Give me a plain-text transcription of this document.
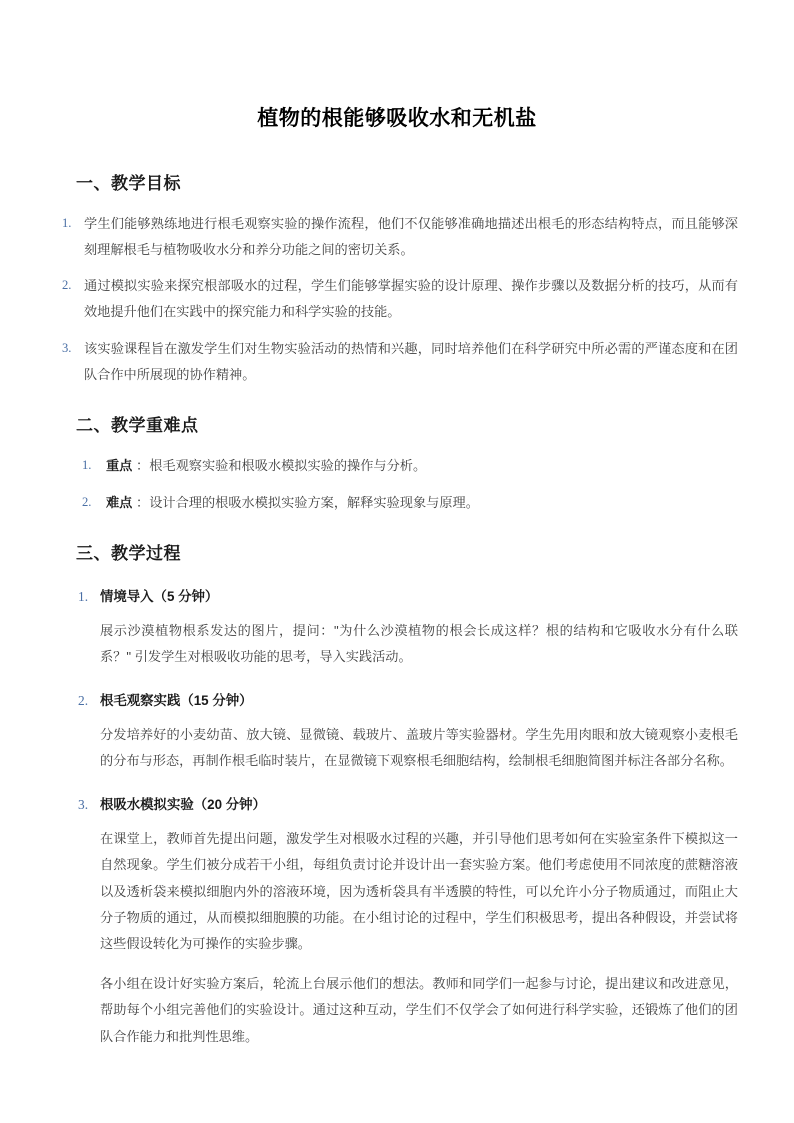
植物的根能够吸收水和无机盐
一、教学目标
1. 学生们能够熟练地进行根毛观察实验的操作流程，他们不仅能够准确地描述出根毛的形态结构特点，而且能够深刻理解根毛与植物吸收水分和养分功能之间的密切关系。
2. 通过模拟实验来探究根部吸水的过程，学生们能够掌握实验的设计原理、操作步骤以及数据分析的技巧，从而有效地提升他们在实践中的探究能力和科学实验的技能。
3. 该实验课程旨在激发学生们对生物实验活动的热情和兴趣，同时培养他们在科学研究中所必需的严谨态度和在团队合作中所展现的协作精神。
二、教学重难点
1. 重点 ：根毛观察实验和根吸水模拟实验的操作与分析。
2. 难点 ：设计合理的根吸水模拟实验方案，解释实验现象与原理。
三、教学过程
1. 情境导入（5 分钟）

展示沙漠植物根系发达的图片，提问："为什么沙漠植物的根会长成这样？根的结构和它吸收水分有什么联系？" 引发学生对根吸收功能的思考，导入实践活动。

2. 根毛观察实践（15 分钟）

分发培养好的小麦幼苗、放大镜、显微镜、载玻片、盖玻片等实验器材。学生先用肉眼和放大镜观察小麦根毛的分布与形态，再制作根毛临时装片，在显微镜下观察根毛细胞结构，绘制根毛细胞简图并标注各部分名称。

3. 根吸水模拟实验（20 分钟）

在课堂上，教师首先提出问题，激发学生对根吸水过程的兴趣，并引导他们思考如何在实验室条件下模拟这一自然现象。学生们被分成若干小组，每组负责讨论并设计出一套实验方案。他们考虑使用不同浓度的蔗糖溶液以及透析袋来模拟细胞内外的溶液环境，因为透析袋具有半透膜的特性，可以允许小分子物质通过，而阻止大分子物质的通过，从而模拟细胞膜的功能。在小组讨论的过程中，学生们积极思考，提出各种假设，并尝试将这些假设转化为可操作的实验步骤。

各小组在设计好实验方案后，轮流上台展示他们的想法。教师和同学们一起参与讨论，提出建议和改进意见，帮助每个小组完善他们的实验设计。通过这种互动，学生们不仅学会了如何进行科学实验，还锻炼了他们的团队合作能力和批判性思维。
